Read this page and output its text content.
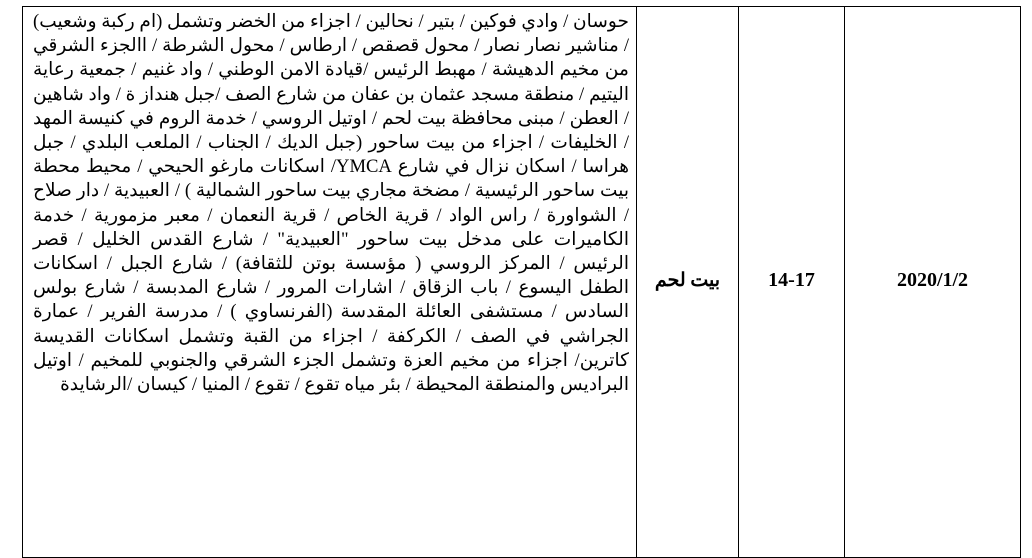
حوسان / وادي فوكين / بتير / نحالين / اجزاء من الخضر وتشمل (ام ركبة وشعيب) / مناشير نصار نصار / محول قصقص / ارطاس / محول الشرطة / االجزء الشرقي من مخيم الدهيشة / مهبط الرئيس /قيادة الامن الوطني / واد غنيم / جمعية رعاية اليتيم / منطقة مسجد عثمان بن عفان من شارع الصف /جبل هنداز ة / واد شاهين / العطن / مبنى محافظة بيت لحم / اوتيل الروسي / خدمة الروم في كنيسة المهد / الخليفات / اجزاء من بيت ساحور (جبل الديك / الجناب / الملعب البلدي / جبل هراسا / اسكان نزال في شارع YMCA/ اسكانات مارغو الحيحي / محيط محطة بيت ساحور الرئيسية / مضخة مجاري بيت ساحور الشمالية ) / العبيدية / دار صلاح / الشواورة / راس الواد / قرية الخاص / قرية النعمان / معبر مزمورية / خدمة الكاميرات على مدخل بيت ساحور "العبيدية" / شارع القدس الخليل / قصر الرئيس / المركز الروسي ( مؤسسة بوتن للثقافة) / شارع الجبل / اسكانات الطفل اليسوع / باب الزقاق / اشارات المرور / شارع المدبسة / شارع بولس السادس / مستشفى العائلة المقدسة (الفرنساوي ) / مدرسة الفرير / عمارة الجراشي في الصف / الكركفة / اجزاء من القبة وتشمل اسكانات القديسة كاترين/ اجزاء من مخيم العزة وتشمل الجزء الشرقي والجنوبي للمخيم / اوتيل البراديس والمنطقة المحيطة / بئر مياه تقوع / تقوع / المنيا / كيسان /الرشايدة
	بيت لحم	14-17	2020/1/2
